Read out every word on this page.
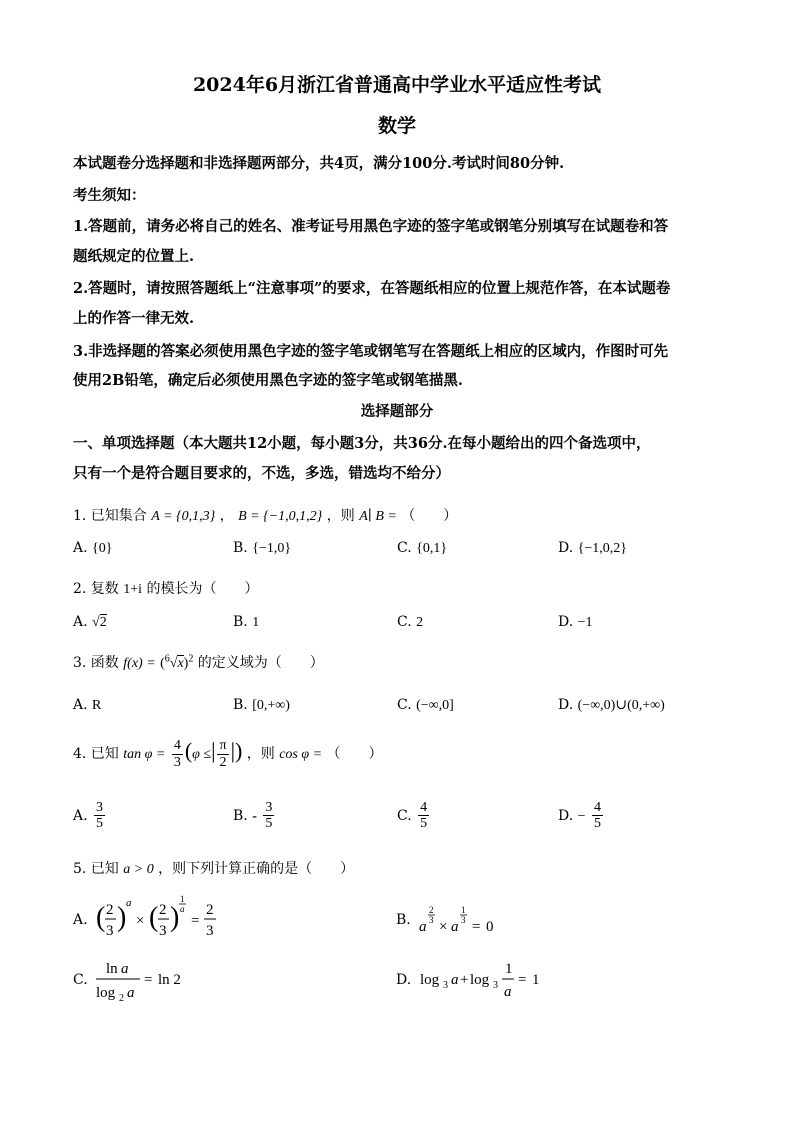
2024年6月浙江省普通高中学业水平适应性考试
数学
本试题卷分选择题和非选择题两部分，共4页，满分100分.考试时间80分钟.
考生须知：
1.答题前，请务必将自己的姓名、准考证号用黑色字迹的签字笔或钢笔分别填写在试题卷和答
题纸规定的位置上.
2.答题时，请按照答题纸上“注意事项”的要求，在答题纸相应的位置上规范作答，在本试题卷
上的作答一律无效.
3.非选择题的答案必须使用黑色字迹的签字笔或钢笔写在答题纸上相应的区域内，作图时可先
使用2B铅笔，确定后必须使用黑色字迹的签字笔或钢笔描黑.
选择题部分
一、单项选择题（本大题共12小题，每小题3分，共36分.在每小题给出的四个备选项中，
只有一个是符合题目要求的，不选，多选，错选均不给分）
1. 已知集合 A = {0,1,3} ， B = {−1,0,1,2} ，则 A∣ B = （　　）
A. {0}	B. {−1,0}	C. {0,1}	D. {−1,0,2}
2. 复数 1+i 的模长为（　　）
A. √2	B. 1	C. 2	D. −1
3. 函数 $f(x) = (^6√x)^2$ 的定义域为（　　）
A. R	B. [0,+∞)	C. (−∞,0]	D. (−∞,0)∪(0,+∞)
4. 已知 $\tan \varphi = \frac{4}{3} (\varphi$ ≤| $\frac{\pi}{2}$ |) ，则 cos φ = （　　）
A. $\frac{3}{5}$	B. - $\frac{3}{5}$	C. $\frac{4}{5}$	D. − $\frac{4}{5}$
5. 已知 a > 0 ，则下列计算正确的是（　　）
A. ( 2
3 ) a
× ( 2
3 )
1
a
=
2
3
B. a
2
3 × a
1
3 = 0
C.
ln a
log 2 a
= ln 2	D. log 3 a + log 3
1
a
= 1
